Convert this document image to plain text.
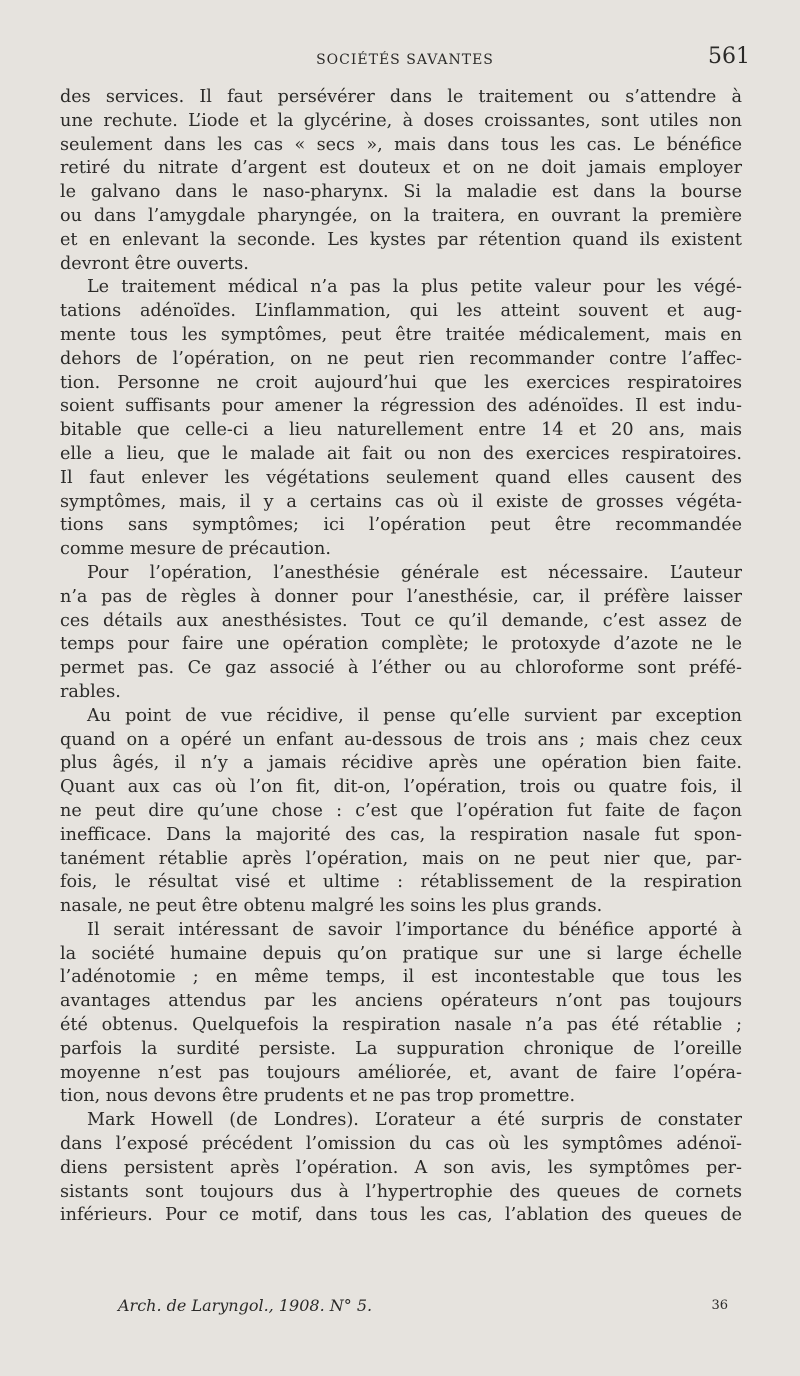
SOCIÉTÉS SAVANTES	561
des services. Il faut persévérer dans le traitement ou s’attendre à
une rechute. L’iode et la glycérine, à doses croissantes, sont utiles non
seulement dans les cas « secs », mais dans tous les cas. Le bénéfice
retiré du nitrate d’argent est douteux et on ne doit jamais employer
le galvano dans le naso-pharynx. Si la maladie est dans la bourse
ou dans l’amygdale pharyngée, on la traitera, en ouvrant la première
et en enlevant la seconde. Les kystes par rétention quand ils existent
devront être ouverts.
Le traitement médical n’a pas la plus petite valeur pour les végé-
tations adénoïdes. L’inflammation, qui les atteint souvent et aug-
mente tous les symptômes, peut être traitée médicalement, mais en
dehors de l’opération, on ne peut rien recommander contre l’affec-
tion. Personne ne croit aujourd’hui que les exercices respiratoires
soient suffisants pour amener la régression des adénoïdes. Il est indu-
bitable que celle-ci a lieu naturellement entre 14 et 20 ans, mais
elle a lieu, que le malade ait fait ou non des exercices respiratoires.
Il faut enlever les végétations seulement quand elles causent des
symptômes, mais, il y a certains cas où il existe de grosses végéta-
tions sans symptômes; ici l’opération peut être recommandée
comme mesure de précaution.
Pour l’opération, l’anesthésie générale est nécessaire. L’auteur
n’a pas de règles à donner pour l’anesthésie, car, il préfère laisser
ces détails aux anesthésistes. Tout ce qu’il demande, c’est assez de
temps pour faire une opération complète; le protoxyde d’azote ne le
permet pas. Ce gaz associé à l’éther ou au chloroforme sont préfé-
rables.
Au point de vue récidive, il pense qu’elle survient par exception
quand on a opéré un enfant au-dessous de trois ans ; mais chez ceux
plus âgés, il n’y a jamais récidive après une opération bien faite.
Quant aux cas où l’on fit, dit-on, l’opération, trois ou quatre fois, il
ne peut dire qu’une chose : c’est que l’opération fut faite de façon
inefficace. Dans la majorité des cas, la respiration nasale fut spon-
tanément rétablie après l’opération, mais on ne peut nier que, par-
fois, le résultat visé et ultime : rétablissement de la respiration
nasale, ne peut être obtenu malgré les soins les plus grands.
Il serait intéressant de savoir l’importance du bénéfice apporté à
la société humaine depuis qu’on pratique sur une si large échelle
l’adénotomie ; en même temps, il est incontestable que tous les
avantages attendus par les anciens opérateurs n’ont pas toujours
été obtenus. Quelquefois la respiration nasale n’a pas été rétablie ;
parfois la surdité persiste. La suppuration chronique de l’oreille
moyenne n’est pas toujours améliorée, et, avant de faire l’opéra-
tion, nous devons être prudents et ne pas trop promettre.
Mark Howell (de Londres). L’orateur a été surpris de constater
dans l’exposé précédent l’omission du cas où les symptômes adénoï-
diens persistent après l’opération. A son avis, les symptômes per-
sistants sont toujours dus à l’hypertrophie des queues de cornets
inférieurs. Pour ce motif, dans tous les cas, l’ablation des queues de
Arch. de Laryngol., 1908. N° 5.	36
